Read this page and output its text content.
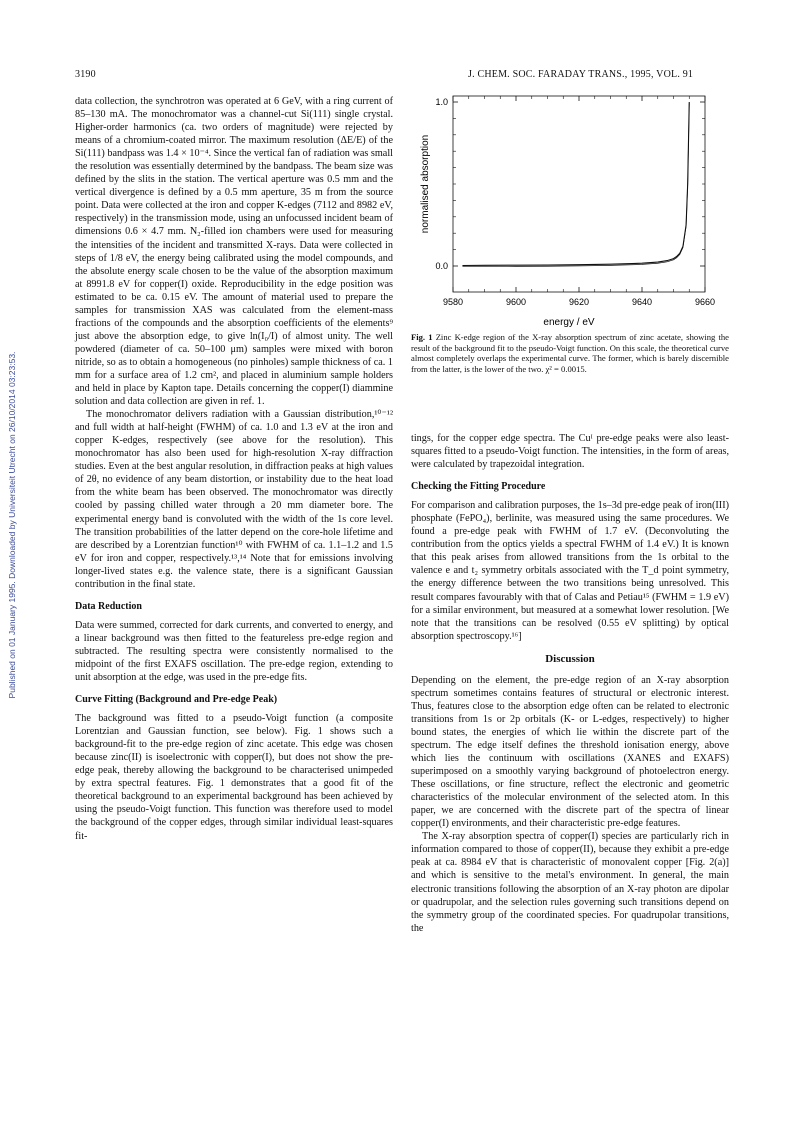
Published on 01 January 1995. Downloaded by Universiteit Utrecht on 26/10/2014 03:23:53.
3190	J. CHEM. SOC. FARADAY TRANS., 1995, VOL. 91

data collection, the synchrotron was operated at 6 GeV, with a ring current of 85–130 mA. The monochromator was a channel-cut Si(111) single crystal. Higher-order harmonics (ca. two orders of magnitude) were rejected by means of a chromium-coated mirror. The maximum resolution (ΔE/E) of the Si(111) bandpass was 1.4 × 10⁻⁴. Since the vertical fan of radiation was small the resolution was essentially determined by the bandpass. The beam size was defined by the slits in the station. The vertical aperture was 0.5 mm and the vertical divergence is defined by a 0.5 mm aperture, 35 m from the source point. Data were collected at the iron and copper K-edges (7112 and 8982 eV, respectively) in the transmission mode, using an unfocussed incident beam of dimensions 0.6 × 4.7 mm. N₂-filled ion chambers were used for measuring the intensities of the incident and transmitted X-rays. Data were collected in steps of 1/8 eV, the energy being calibrated using the model compounds, and the absolute energy scale chosen to be the value of the absorption maximum at 8991.8 eV for copper(I) oxide. Reproducibility in the edge position was estimated to be ca. 0.15 eV. The amount of material used to prepare the samples for transmission XAS was calculated from the element-mass fractions of the compounds and the absorption coefficients of the elements⁹ just above the absorption edge, to give ln(I₀/I) of almost unity. The well powdered (diameter of ca. 50–100 μm) samples were mixed with boron nitride, so as to obtain a homogeneous (no pinholes) sample thickness of ca. 1 mm for a surface area of 1.2 cm², and placed in aluminium sample holders and held in place by Kapton tape. Details concerning the copper(I) diammine solution and data collection are given in ref. 1.

The monochromator delivers radiation with a Gaussian distribution,¹⁰⁻¹² and full width at half-height (FWHM) of ca. 1.0 and 1.3 eV at the iron and copper K-edges, respectively (see above for the resolution). This monochromator has also been used for high-resolution X-ray diffraction studies. Even at the best angular resolution, in diffraction peaks at high values of 2θ, no evidence of any beam distortion, or instability due to the heat load from the white beam has been observed. The monochromator was directly cooled by passing chilled water through a 20 mm diameter bore. The experimental energy band is convoluted with the width of the 1s core level. The transition probabilities of the latter depend on the core-hole lifetime and are described by a Lorentzian function¹⁰ with FWHM of ca. 1.1–1.2 and 1.5 eV for iron and copper, respectively.¹³,¹⁴ Note that for emissions involving longer-lived states e.g. the valence state, there is a significant Gaussian contribution in the final state.

Data Reduction

Data were summed, corrected for dark currents, and converted to energy, and a linear background was then fitted to the featureless pre-edge region and subtracted. The resulting spectra were consistently normalised to the midpoint of the first EXAFS oscillation. The pre-edge region, extending to unit absorption at the edge, was used in the pre-edge fits.

Curve Fitting (Background and Pre-edge Peak)

The background was fitted to a pseudo-Voigt function (a composite Lorentzian and Gaussian function, see below). Fig. 1 shows such a background-fit to the pre-edge region of zinc acetate. This edge was chosen because zinc(II) is isoelectronic with copper(I), but does not show the pre-edge peak, thereby allowing the background to be characterised unimpeded by extra spectral features. Fig. 1 demonstrates that a good fit of the theoretical background to an experimental background has been achieved by using the pseudo-Voigt function. This function was therefore used to model the background of the copper edges, through similar individual least-squares fit-

9580	9600	9620	9640	9660
0.0
1.0
energy / eV
normalised absorption
Fig. 1 Zinc K-edge region of the X-ray absorption spectrum of zinc acetate, showing the result of the background fit to the pseudo-Voigt function. On this scale, the theoretical curve almost completely overlaps the experimental curve. The former, which is barely discernible from the latter, is the lower of the two. χ² = 0.0015.

tings, for the copper edge spectra. The Cuᴵ pre-edge peaks were also least-squares fitted to a pseudo-Voigt function. The intensities, in the form of areas, were calculated by trapezoidal integration.

Checking the Fitting Procedure

For comparison and calibration purposes, the 1s–3d pre-edge peak of iron(III) phosphate (FePO₄), berlinite, was measured using the same procedures. We found a pre-edge peak with FWHM of 1.7 eV. (Deconvoluting the contribution from the optics yields a spectral FWHM of 1.4 eV.) It is known that this peak arises from allowed transitions from the 1s orbital to the valence e and t₂ symmetry orbitals associated with the T_d point symmetry, the energy difference between the two transitions being unresolved. This result compares favourably with that of Calas and Petiau¹⁵ (FWHM = 1.9 eV) for a similar environment, but measured at a somewhat lower resolution. [We note that the transitions can be resolved (0.55 eV splitting) by optical absorption spectroscopy.¹⁶]

Discussion

Depending on the element, the pre-edge region of an X-ray absorption spectrum sometimes contains features of structural or electronic interest. Thus, features close to the absorption edge often can be related to electronic transitions from 1s or 2p orbitals (K- or L-edges, respectively) to higher bound states, the energies of which lie within the discrete part of the spectrum. The edge itself defines the threshold ionisation energy, above which lies the continuum with oscillations (XANES and EXAFS) superimposed on a smoothly varying background of photoelectron energy. These oscillations, or fine structure, reflect the electronic and geometric characteristics of the molecular environment of the selected atom. In this paper, we are concerned with the discrete part of the spectra of linear copper(I) environments, and their characteristic pre-edge features.

The X-ray absorption spectra of copper(I) species are particularly rich in information compared to those of copper(II), because they exhibit a pre-edge peak at ca. 8984 eV that is characteristic of monovalent copper [Fig. 2(a)] and which is sensitive to the metal's environment. In general, the main electronic transitions following the absorption of an X-ray photon are dipolar or quadrupolar, and the selection rules governing such transitions depend on the symmetry group of the coordinated species. For quadrupolar transitions, the
